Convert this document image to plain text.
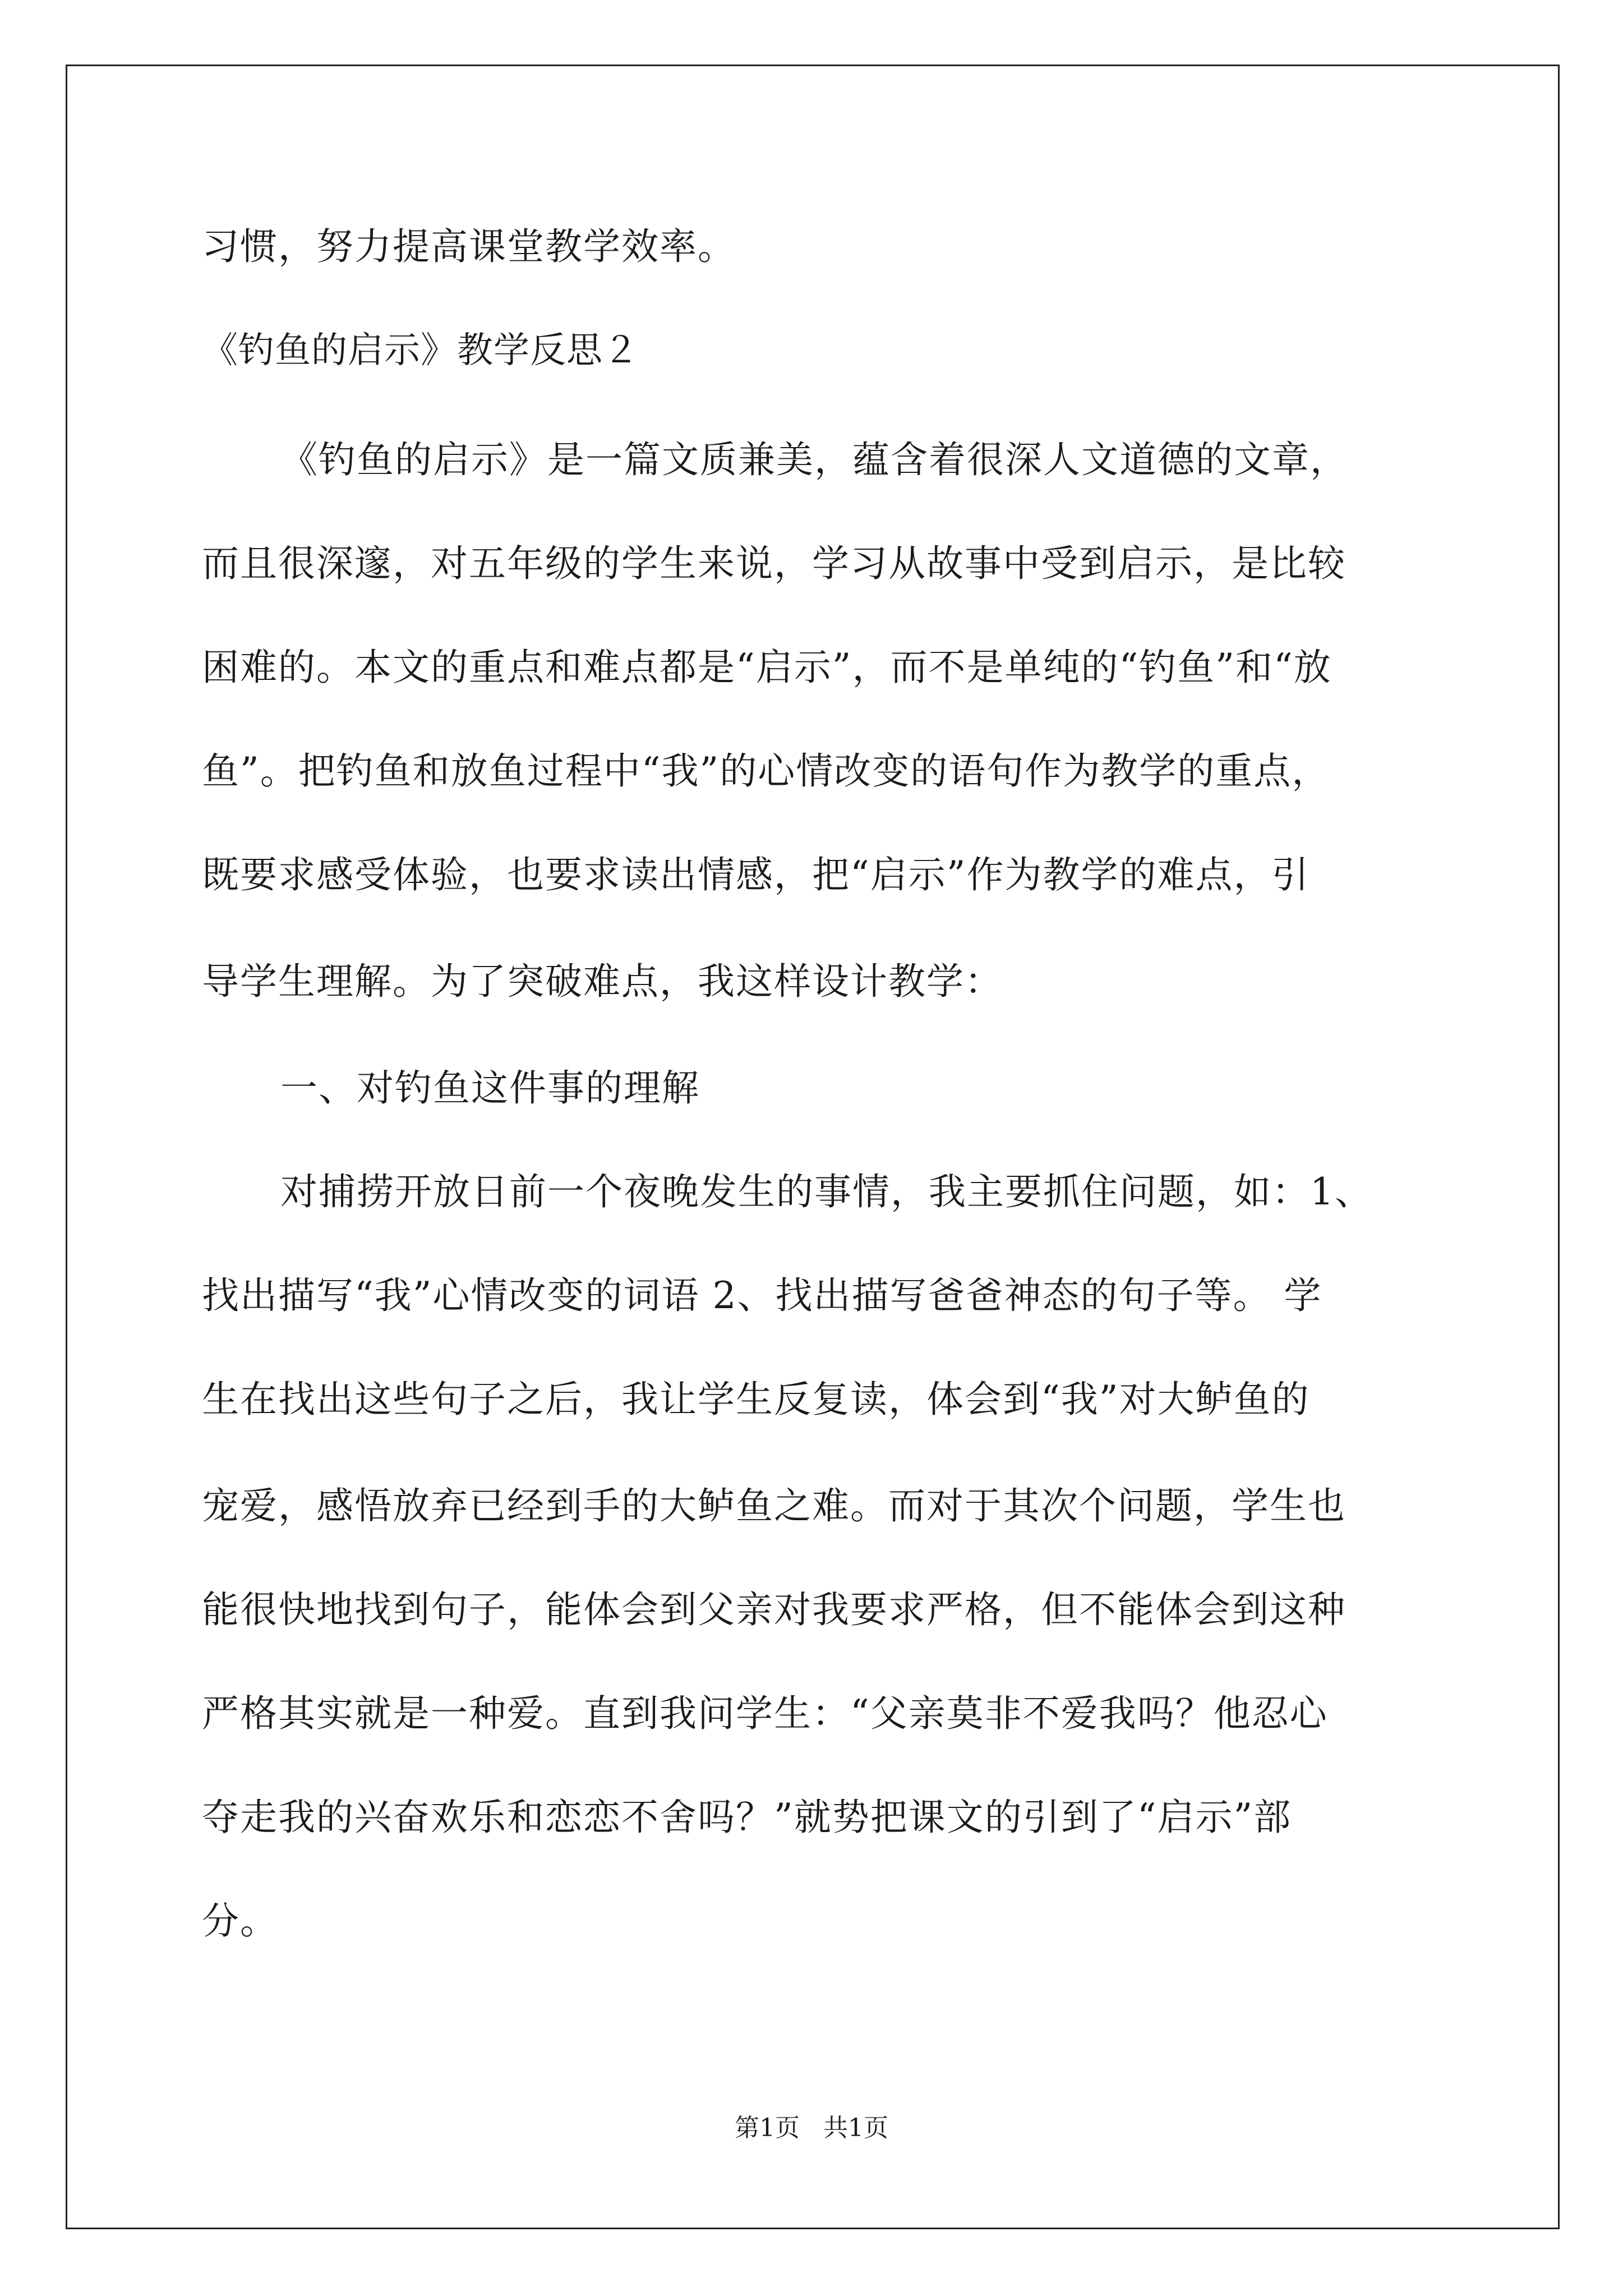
习惯，努力提高课堂教学效率。
《钓鱼的启示》教学反思２
《钓鱼的启示》是一篇文质兼美，蕴含着很深人文道德的文章，
而且很深邃，对五年级的学生来说，学习从故事中受到启示，是比较
困难的。本文的重点和难点都是“启示”，而不是单纯的“钓鱼”和“放
鱼”。把钓鱼和放鱼过程中“我”的心情改变的语句作为教学的重点，
既要求感受体验，也要求读出情感，把“启示”作为教学的难点，引
导学生理解。为了突破难点，我这样设计教学：
一、对钓鱼这件事的理解
对捕捞开放日前一个夜晚发生的事情，我主要抓住问题，如：1、
找出描写“我”心情改变的词语 2、找出描写爸爸神态的句子等。 学
生在找出这些句子之后，我让学生反复读，体会到“我”对大鲈鱼的
宠爱，感悟放弃已经到手的大鲈鱼之难。而对于其次个问题，学生也
能很快地找到句子，能体会到父亲对我要求严格，但不能体会到这种
严格其实就是一种爱。直到我问学生：“父亲莫非不爱我吗？他忍心
夺走我的兴奋欢乐和恋恋不舍吗？”就势把课文的引到了“启示”部
分。
第1页   共1页
